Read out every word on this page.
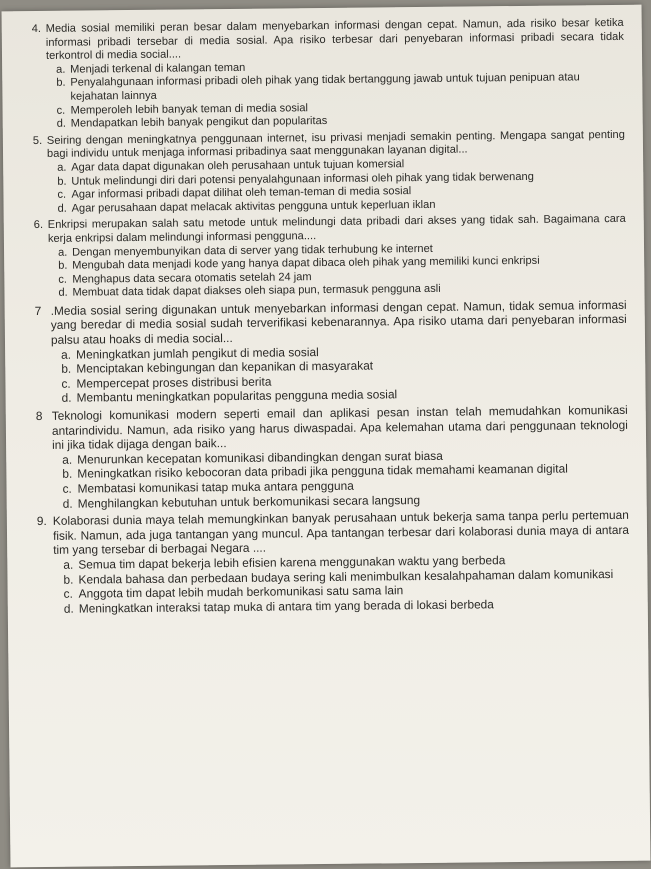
4. Media sosial memiliki peran besar dalam menyebarkan informasi dengan cepat. Namun, ada risiko besar ketika informasi pribadi tersebar di media sosial. Apa risiko terbesar dari penyebaran informasi pribadi secara tidak terkontrol di media social....
a. Menjadi terkenal di kalangan teman
b. Penyalahgunaan informasi pribadi oleh pihak yang tidak bertanggung jawab untuk tujuan penipuan atau kejahatan lainnya
c. Memperoleh lebih banyak teman di media sosial
d. Mendapatkan lebih banyak pengikut dan popularitas
5. Seiring dengan meningkatnya penggunaan internet, isu privasi menjadi semakin penting. Mengapa sangat penting bagi individu untuk menjaga informasi pribadinya saat menggunakan layanan digital...
a. Agar data dapat digunakan oleh perusahaan untuk tujuan komersial
b. Untuk melindungi diri dari potensi penyalahgunaan informasi oleh pihak yang tidak berwenang
c. Agar informasi pribadi dapat dilihat oleh teman-teman di media sosial
d. Agar perusahaan dapat melacak aktivitas pengguna untuk keperluan iklan
6. Enkripsi merupakan salah satu metode untuk melindungi data pribadi dari akses yang tidak sah. Bagaimana cara kerja enkripsi dalam melindungi informasi pengguna....
a. Dengan menyembunyikan data di server yang tidak terhubung ke internet
b. Mengubah data menjadi kode yang hanya dapat dibaca oleh pihak yang memiliki kunci enkripsi
c. Menghapus data secara otomatis setelah 24 jam
d. Membuat data tidak dapat diakses oleh siapa pun, termasuk pengguna asli
7 .Media sosial sering digunakan untuk menyebarkan informasi dengan cepat. Namun, tidak semua informasi yang beredar di media sosial sudah terverifikasi kebenarannya. Apa risiko utama dari penyebaran informasi palsu atau hoaks di media social...
a. Meningkatkan jumlah pengikut di media sosial
b. Menciptakan kebingungan dan kepanikan di masyarakat
c. Mempercepat proses distribusi berita
d. Membantu meningkatkan popularitas pengguna media sosial
8 Teknologi komunikasi modern seperti email dan aplikasi pesan instan telah memudahkan komunikasi antarindividu. Namun, ada risiko yang harus diwaspadai. Apa kelemahan utama dari penggunaan teknologi ini jika tidak dijaga dengan baik...
a. Menurunkan kecepatan komunikasi dibandingkan dengan surat biasa
b. Meningkatkan risiko kebocoran data pribadi jika pengguna tidak memahami keamanan digital
c. Membatasi komunikasi tatap muka antara pengguna
d. Menghilangkan kebutuhan untuk berkomunikasi secara langsung
9. Kolaborasi dunia maya telah memungkinkan banyak perusahaan untuk bekerja sama tanpa perlu pertemuan fisik. Namun, ada juga tantangan yang muncul. Apa tantangan terbesar dari kolaborasi dunia maya di antara tim yang tersebar di berbagai Negara ....
a. Semua tim dapat bekerja lebih efisien karena menggunakan waktu yang berbeda
b. Kendala bahasa dan perbedaan budaya sering kali menimbulkan kesalahpahaman dalam komunikasi
c. Anggota tim dapat lebih mudah berkomunikasi satu sama lain
d. Meningkatkan interaksi tatap muka di antara tim yang berada di lokasi berbeda
